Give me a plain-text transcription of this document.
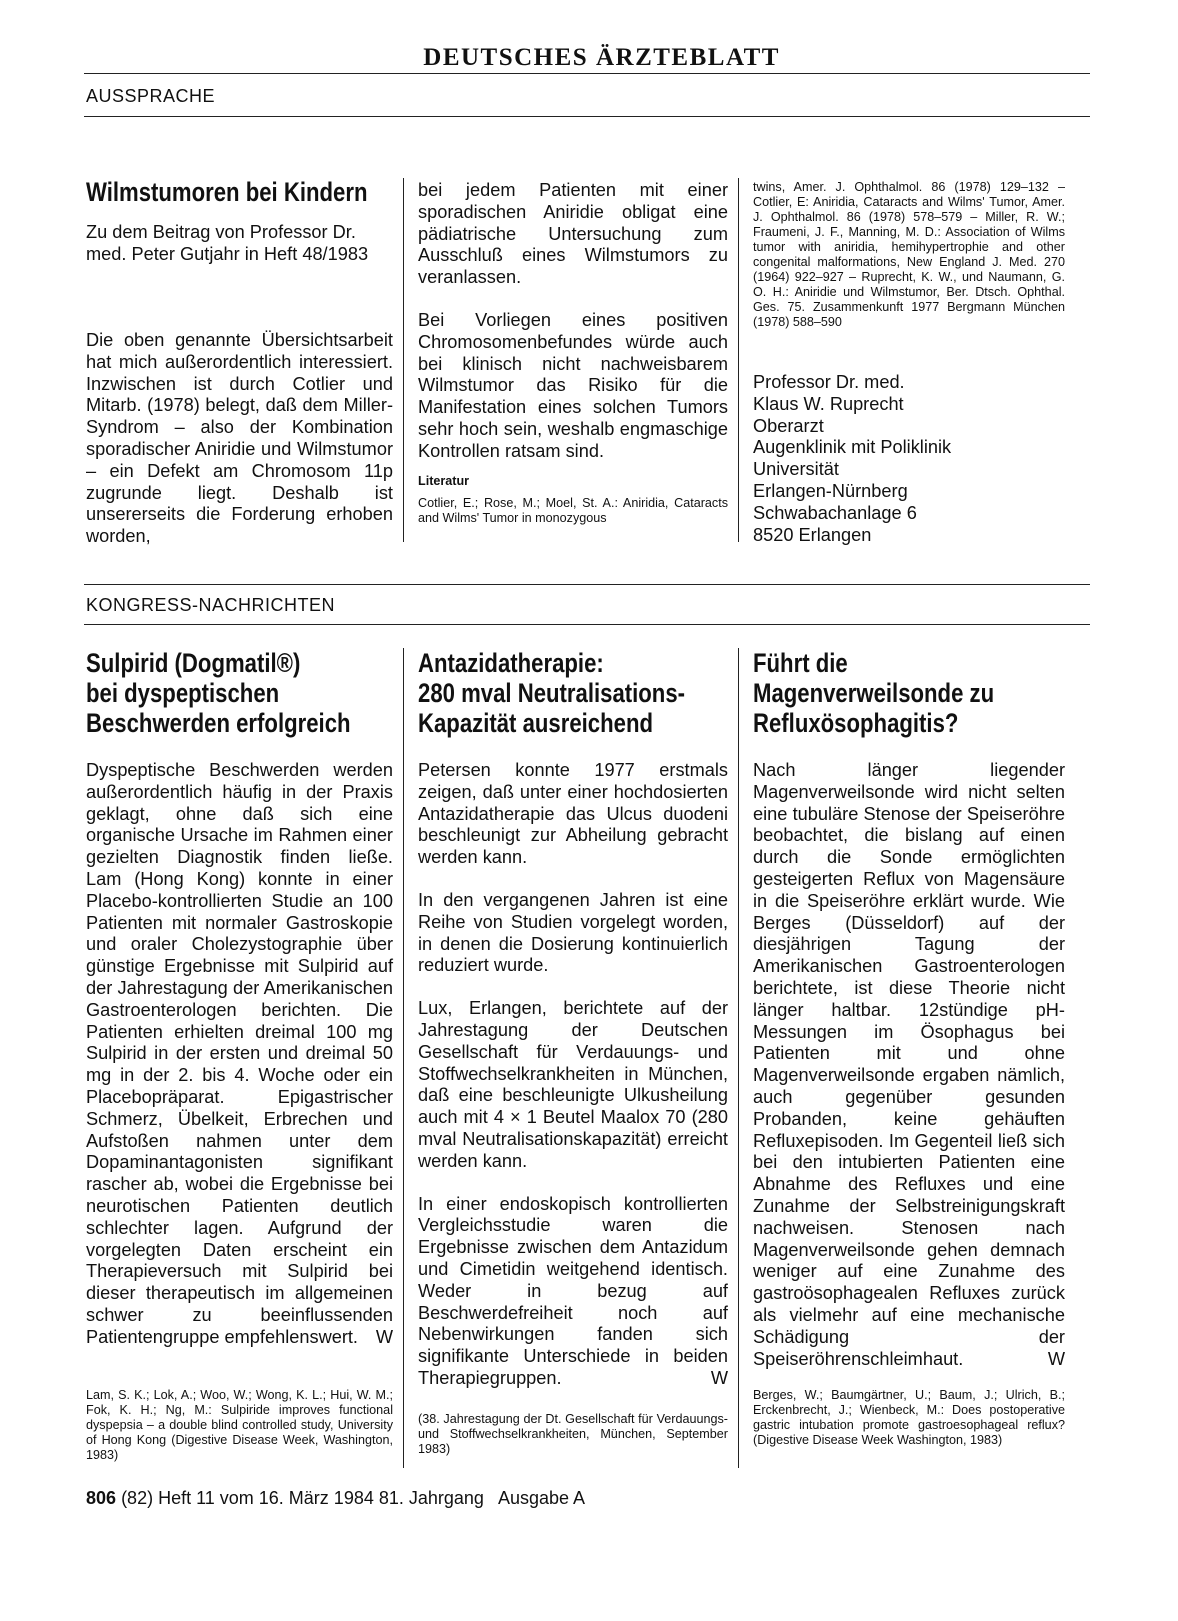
DEUTSCHES ÄRZTEBLATT
AUSSPRACHE
Wilmstumoren bei Kindern
Zu dem Beitrag von Professor Dr. med. Peter Gutjahr in Heft 48/1983

Die oben genannte Übersichtsarbeit hat mich außerordentlich interessiert. Inzwischen ist durch Cotlier und Mitarb. (1978) belegt, daß dem Miller-Syndrom – also der Kombination sporadischer Aniridie und Wilmstumor – ein Defekt am Chromosom 11p zugrunde liegt. Deshalb ist unsererseits die Forderung erhoben worden,

bei jedem Patienten mit einer sporadischen Aniridie obligat eine pädiatrische Untersuchung zum Ausschluß eines Wilmstumors zu veranlassen.

Bei Vorliegen eines positiven Chromosomenbefundes würde auch bei klinisch nicht nachweisbarem Wilmstumor das Risiko für die Manifestation eines solchen Tumors sehr hoch sein, weshalb engmaschige Kontrollen ratsam sind.

Literatur
Cotlier, E.; Rose, M.; Moel, St. A.: Aniridia, Cataracts and Wilms' Tumor in monozygous
twins, Amer. J. Ophthalmol. 86 (1978) 129–132 – Cotlier, E: Aniridia, Cataracts and Wilms' Tumor, Amer. J. Ophthalmol. 86 (1978) 578–579 – Miller, R. W.; Fraumeni, J. F., Manning, M. D.: Association of Wilms tumor with aniridia, hemihypertrophie and other congenital malformations, New England J. Med. 270 (1964) 922–927 – Ruprecht, K. W., und Naumann, G. O. H.: Aniridie und Wilmstumor, Ber. Dtsch. Ophthal. Ges. 75. Zusammenkunft 1977 Bergmann München (1978) 588–590
Professor Dr. med.
Klaus W. Ruprecht
Oberarzt
Augenklinik mit Poliklinik
Universität
Erlangen-Nürnberg
Schwabachanlage 6
8520 Erlangen
KONGRESS-NACHRICHTEN
Sulpirid (Dogmatil®)
bei dyspeptischen
Beschwerden erfolgreich

Dyspeptische Beschwerden werden außerordentlich häufig in der Praxis geklagt, ohne daß sich eine organische Ursache im Rahmen einer gezielten Diagnostik finden ließe. Lam (Hong Kong) konnte in einer Placebo-kontrollierten Studie an 100 Patienten mit normaler Gastroskopie und oraler Cholezystographie über günstige Ergebnisse mit Sulpirid auf der Jahrestagung der Amerikanischen Gastroenterologen berichten. Die Patienten erhielten dreimal 100 mg Sulpirid in der ersten und dreimal 50 mg in der 2. bis 4. Woche oder ein Placebopräparat. Epigastrischer Schmerz, Übelkeit, Erbrechen und Aufstoßen nahmen unter dem Dopaminantagonisten signifikant rascher ab, wobei die Ergebnisse bei neurotischen Patienten deutlich schlechter lagen. Aufgrund der vorgelegten Daten erscheint ein Therapieversuch mit Sulpirid bei dieser therapeutisch im allgemeinen schwer zu beeinflussenden Patientengruppe empfehlenswert. W

Lam, S. K.; Lok, A.; Woo, W.; Wong, K. L.; Hui, W. M.; Fok, K. H.; Ng, M.: Sulpiride improves functional dyspepsia – a double blind controlled study, University of Hong Kong (Digestive Disease Week, Washington, 1983)
Antazidatherapie:
280 mval Neutralisations-
Kapazität ausreichend

Petersen konnte 1977 erstmals zeigen, daß unter einer hochdosierten Antazidatherapie das Ulcus duodeni beschleunigt zur Abheilung gebracht werden kann.

In den vergangenen Jahren ist eine Reihe von Studien vorgelegt worden, in denen die Dosierung kontinuierlich reduziert wurde.

Lux, Erlangen, berichtete auf der Jahrestagung der Deutschen Gesellschaft für Verdauungs- und Stoffwechselkrankheiten in München, daß eine beschleunigte Ulkusheilung auch mit 4 × 1 Beutel Maalox 70 (280 mval Neutralisationskapazität) erreicht werden kann.

In einer endoskopisch kontrollierten Vergleichsstudie waren die Ergebnisse zwischen dem Antazidum und Cimetidin weitgehend identisch. Weder in bezug auf Beschwerdefreiheit noch auf Nebenwirkungen fanden sich signifikante Unterschiede in beiden Therapiegruppen.	W

(38. Jahrestagung der Dt. Gesellschaft für Verdauungs- und Stoffwechselkrankheiten, München, September 1983)
Führt die
Magenverweilsonde zu
Refluxösophagitis?

Nach länger liegender Magenverweilsonde wird nicht selten eine tubuläre Stenose der Speiseröhre beobachtet, die bislang auf einen durch die Sonde ermöglichten gesteigerten Reflux von Magensäure in die Speiseröhre erklärt wurde. Wie Berges (Düsseldorf) auf der diesjährigen Tagung der Amerikanischen Gastroenterologen berichtete, ist diese Theorie nicht länger haltbar. 12stündige pH-Messungen im Ösophagus bei Patienten mit und ohne Magenverweilsonde ergaben nämlich, auch gegenüber gesunden Probanden, keine gehäuften Refluxepisoden. Im Gegenteil ließ sich bei den intubierten Patienten eine Abnahme des Refluxes und eine Zunahme der Selbstreinigungskraft nachweisen. Stenosen nach Magenverweilsonde gehen demnach weniger auf eine Zunahme des gastroösophagealen Refluxes zurück als vielmehr auf eine mechanische Schädigung der Speiseröhrenschleimhaut.	W

Berges, W.; Baumgärtner, U.; Baum, J.; Ulrich, B.; Erckenbrecht, J.; Wienbeck, M.: Does postoperative gastric intubation promote gastroesophageal reflux? (Digestive Disease Week Washington, 1983)
806 (82) Heft 11 vom 16. März 1984 81. Jahrgang   Ausgabe A
